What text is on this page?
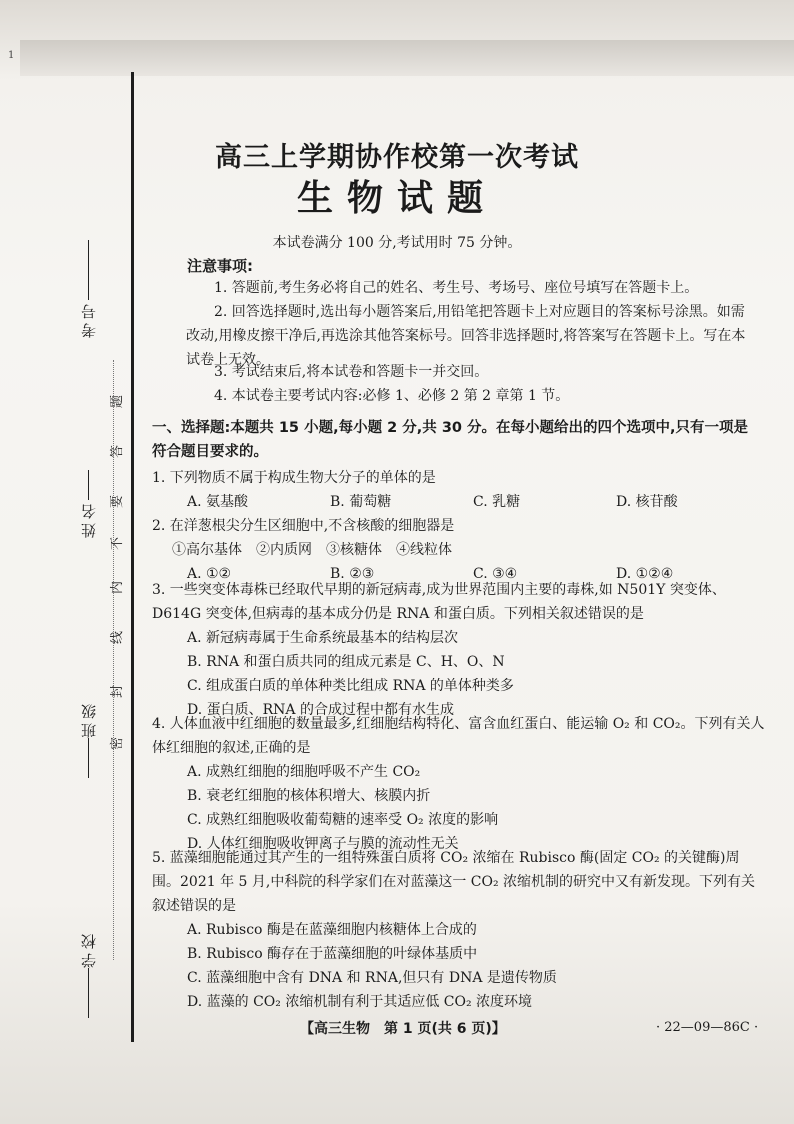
1
考号
姓名
班级
学校
题
答
要
不
内
线
封
密
高三上学期协作校第一次考试
生物试题
本试卷满分 100 分,考试用时 75 分钟。
注意事项:
1. 答题前,考生务必将自己的姓名、考生号、考场号、座位号填写在答题卡上。
2. 回答选择题时,选出每小题答案后,用铅笔把答题卡上对应题目的答案标号涂黑。如需改动,用橡皮擦干净后,再选涂其他答案标号。回答非选择题时,将答案写在答题卡上。写在本试卷上无效。
3. 考试结束后,将本试卷和答题卡一并交回。
4. 本试卷主要考试内容:必修 1、必修 2 第 2 章第 1 节。
一、选择题:本题共 15 小题,每小题 2 分,共 30 分。在每小题给出的四个选项中,只有一项是符合题目要求的。
1. 下列物质不属于构成生物大分子的单体的是
A. 氨基酸	B. 葡萄糖	C. 乳糖	D. 核苷酸
2. 在洋葱根尖分生区细胞中,不含核酸的细胞器是
①高尔基体　②内质网　③核糖体　④线粒体
A. ①②	B. ②③	C. ③④	D. ①②④
3. 一些突变体毒株已经取代早期的新冠病毒,成为世界范围内主要的毒株,如 N501Y 突变体、D614G 突变体,但病毒的基本成分仍是 RNA 和蛋白质。下列相关叙述错误的是
A. 新冠病毒属于生命系统最基本的结构层次
B. RNA 和蛋白质共同的组成元素是 C、H、O、N
C. 组成蛋白质的单体种类比组成 RNA 的单体种类多
D. 蛋白质、RNA 的合成过程中都有水生成
4. 人体血液中红细胞的数量最多,红细胞结构特化、富含血红蛋白、能运输 O₂ 和 CO₂。下列有关人体红细胞的叙述,正确的是
A. 成熟红细胞的细胞呼吸不产生 CO₂
B. 衰老红细胞的核体积增大、核膜内折
C. 成熟红细胞吸收葡萄糖的速率受 O₂ 浓度的影响
D. 人体红细胞吸收钾离子与膜的流动性无关
5. 蓝藻细胞能通过其产生的一组特殊蛋白质将 CO₂ 浓缩在 Rubisco 酶(固定 CO₂ 的关键酶)周围。2021 年 5 月,中科院的科学家们在对蓝藻这一 CO₂ 浓缩机制的研究中又有新发现。下列有关叙述错误的是
A. Rubisco 酶是在蓝藻细胞内核糖体上合成的
B. Rubisco 酶存在于蓝藻细胞的叶绿体基质中
C. 蓝藻细胞中含有 DNA 和 RNA,但只有 DNA 是遗传物质
D. 蓝藻的 CO₂ 浓缩机制有利于其适应低 CO₂ 浓度环境
【高三生物　第 1 页(共 6 页)】	· 22—09—86C ·
